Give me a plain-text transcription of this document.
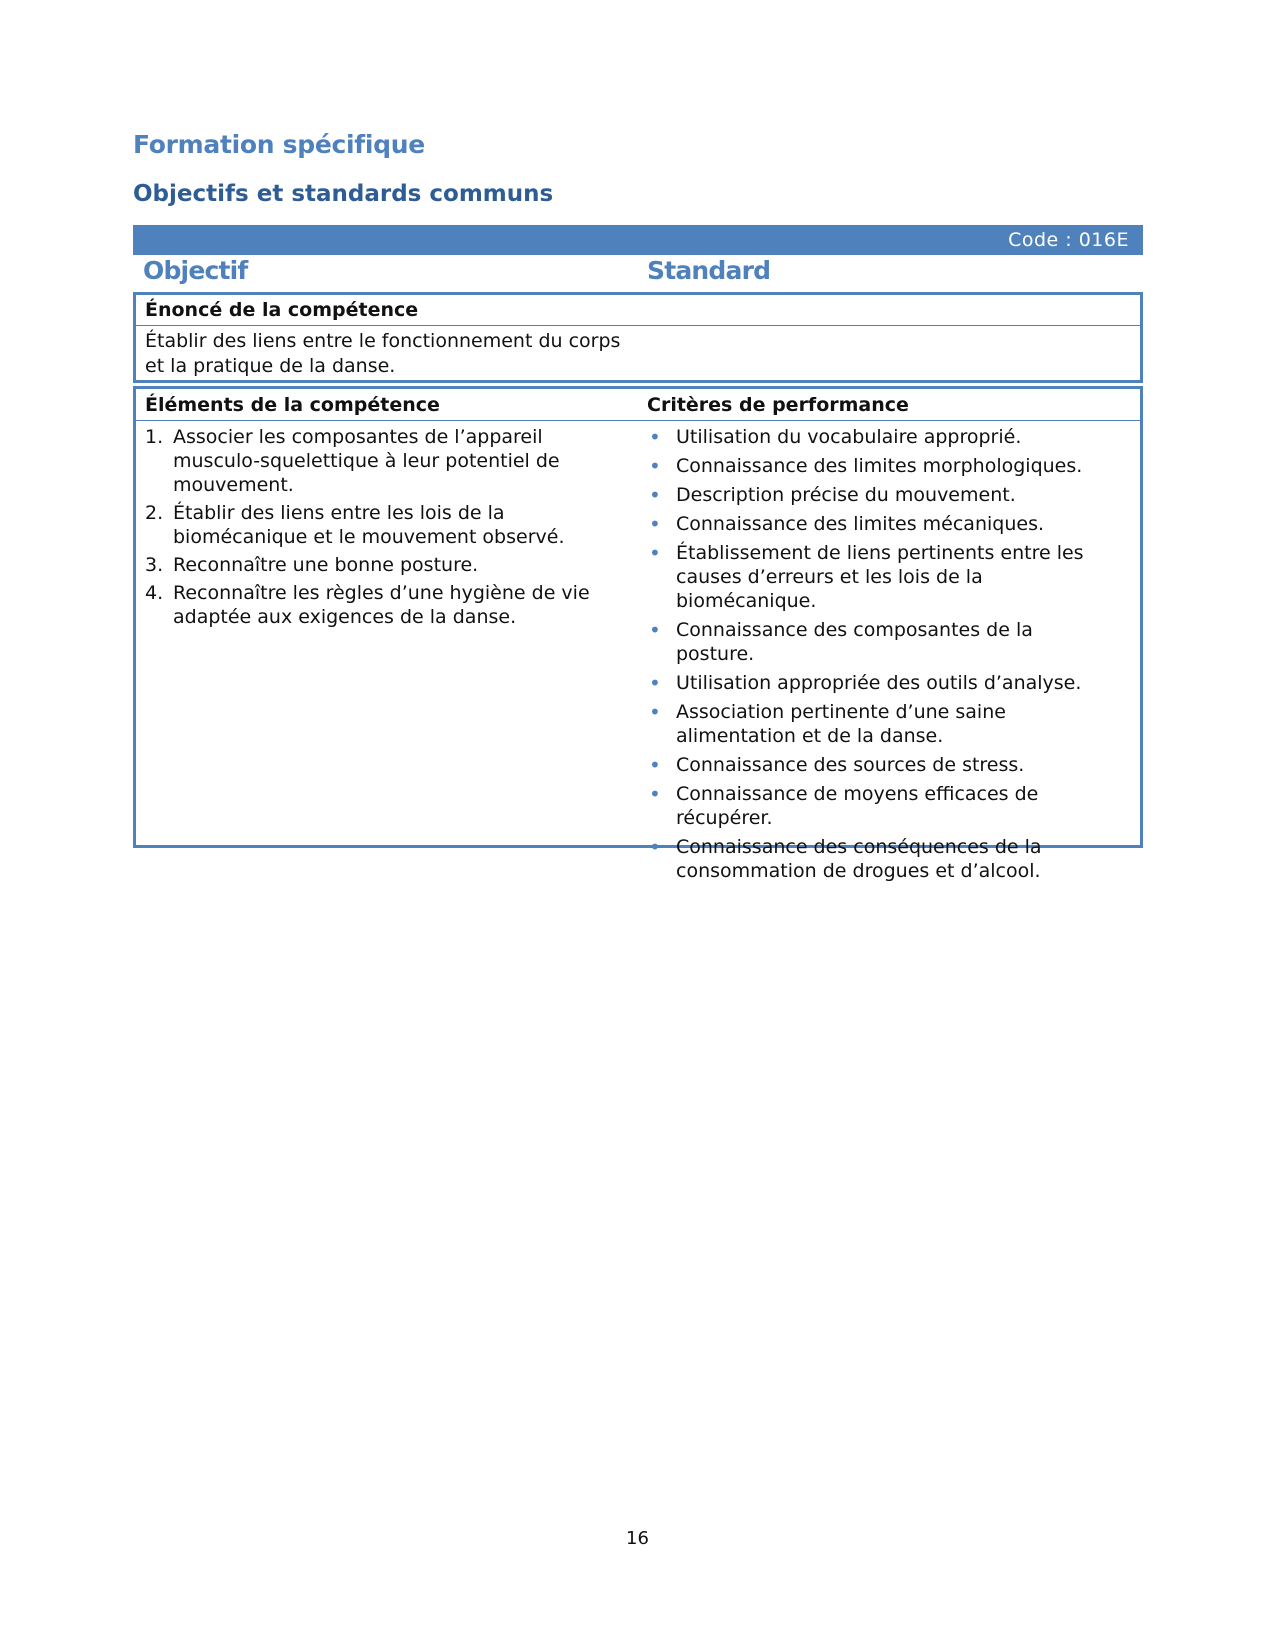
Formation spécifique
Objectifs et standards communs
Code : 016E
Objectif	Standard
Énoncé de la compétence
Établir des liens entre le fonctionnement du corps et la pratique de la danse.
Éléments de la compétence	Critères de performance
1. Associer les composantes de l’appareil musculo-squelettique à leur potentiel de mouvement.
2. Établir des liens entre les lois de la biomécanique et le mouvement observé.
3. Reconnaître une bonne posture.
4. Reconnaître les règles d’une hygiène de vie adaptée aux exigences de la danse.
• Utilisation du vocabulaire approprié.
• Connaissance des limites morphologiques.
• Description précise du mouvement.
• Connaissance des limites mécaniques.
• Établissement de liens pertinents entre les causes d’erreurs et les lois de la biomécanique.
• Connaissance des composantes de la posture.
• Utilisation appropriée des outils d’analyse.
• Association pertinente d’une saine alimentation et de la danse.
• Connaissance des sources de stress.
• Connaissance de moyens efficaces de récupérer.
• Connaissance des conséquences de la consommation de drogues et d’alcool.
16
